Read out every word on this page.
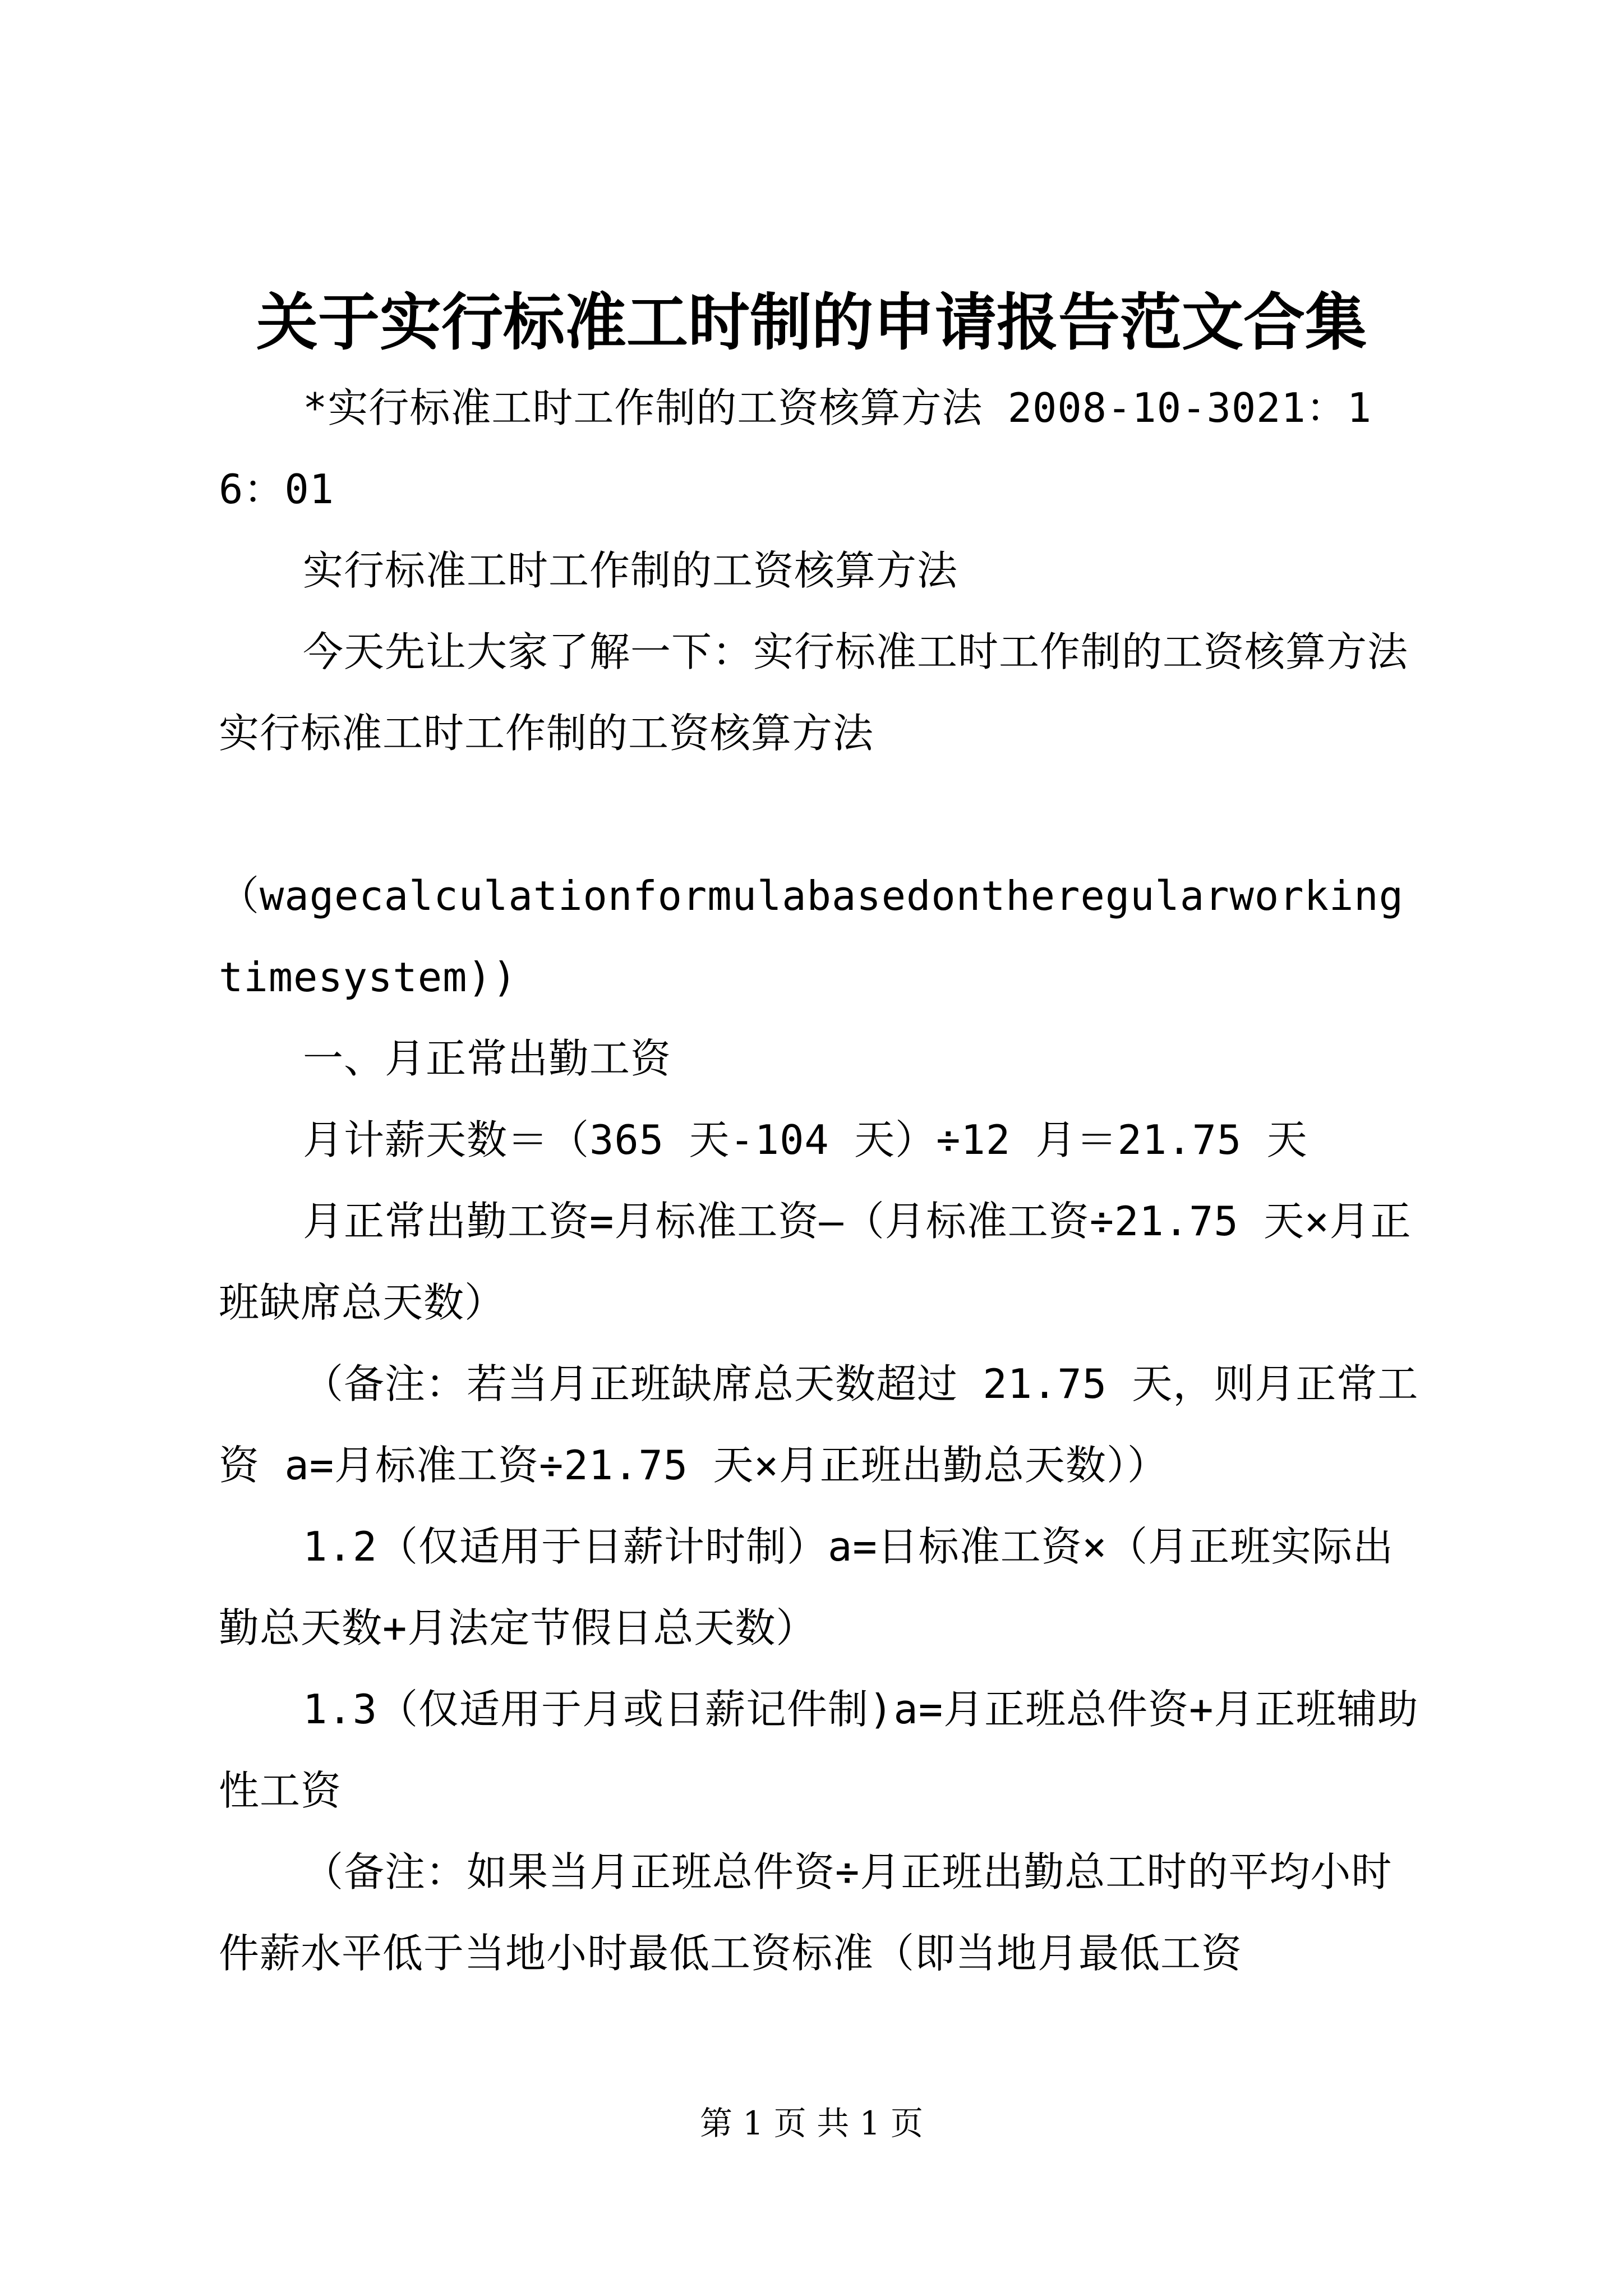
关于实行标准工时制的申请报告范文合集

*实行标准工时工作制的工资核算方法 2008-10-3021：16：01

实行标准工时工作制的工资核算方法

今天先让大家了解一下：实行标准工时工作制的工资核算方法实行标准工时工作制的工资核算方法

（wagecalculationformulabasedontheregularworkingtimesystem))

一、月正常出勤工资

月计薪天数＝（365 天-104 天）÷12 月＝21.75 天

月正常出勤工资=月标准工资—（月标准工资÷21.75 天×月正班缺席总天数）

（备注：若当月正班缺席总天数超过 21.75 天，则月正常工资 a=月标准工资÷21.75 天×月正班出勤总天数））

1.2（仅适用于日薪计时制）a=日标准工资×（月正班实际出勤总天数+月法定节假日总天数）

1.3（仅适用于月或日薪记件制)a=月正班总件资+月正班辅助性工资

（备注：如果当月正班总件资÷月正班出勤总工时的平均小时件薪水平低于当地小时最低工资标准（即当地月最低工资

第 1 页 共 1 页
